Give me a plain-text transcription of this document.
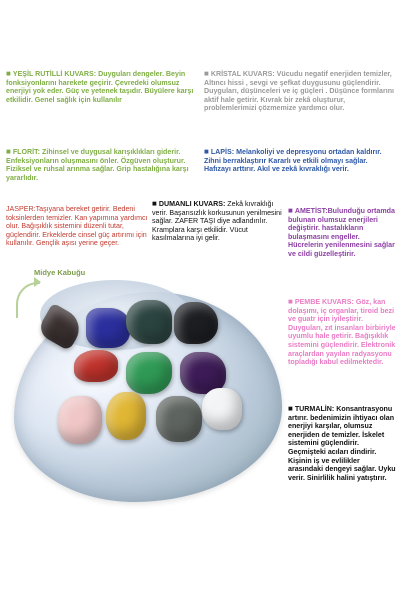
■ YEŞİL RUTİLLİ KUVARS: Duyguları dengeler. Beyin fonksiyonlarını harekete geçirir. Çevredeki olumsuz enerjiyi yok eder. Güç ve yetenek taşıdır. Büyülere karşı etkilidir. Genel sağlık için kullanılır
■ KRİSTAL KUVARS: Vücudu negatif enerjiden temizler, Altıncı hissi , sevgi ve şefkat duygusunu güçlendirir. Duyguları, düşünceleri ve iç güçleri . Düşünce formlarını aktif hale getirir. Kıvrak bir zekâ oluşturur, problemlerimizi çözmemize yardımcı olur.
■ FLORİT: Zihinsel ve duygusal karışıklıkları giderir. Enfeksiyonların oluşmasını önler. Özgüven oluşturur. Fiziksel ve ruhsal arınma sağlar. Grip hastalığına karşı yararlıdır.
■ LAPİS: Melankoliyi ve depresyonu ortadan kaldırır. Zihni berraklaştırır Kararlı ve etkili olmayı sağlar. Hafızayı arttırır. Akıl ve zekâ kıvraklığı verir.
JASPER:Taşıyana bereket getirir. Bedeni toksinlerden temizler. Kan yapımına yardımcı olur. Bağışıklık sistemini düzenli tutar, güçlendirir. Erkeklerde cinsel güç artırımı için kullanılır. Gençlik aşısı yerine geçer.
■ DUMANLI KUVARS: Zekâ kıvraklığı verir. Başarısızlık korkusunun yenilmesini sağlar. ZAFER TAŞI diye adlandırılır. Kramplara karşı etkilidir. Vücut kasılmalarına iyi gelir.
■ AMETİST:Bulunduğu ortamda bulunan olumsuz enerjileri değiştirir. hastalıkların bulaşmasını engeller. Hücrelerin yenilenmesini sağlar ve cildi güzelleştirir.
Midye Kabuğu
■ PEMBE KUVARS: Göz, kan dolaşımı, iç organlar, tiroid bezi ve guatr için iyileştirir. Duyguları, zıt insanları birbiriyle uyumlu hale getirir. Bağışıklık sistemini güçlendirir. Elektronik araçlardan yayılan radyasyonu topladığı kabul edilmektedir.
■ TURMALİN: Konsantrasyonu artırır. bedenimizin ihtiyacı olan enerjiyi karşılar, olumsuz enerjiden de temizler. İskelet sistemini güçlendirir. Geçmişteki acıları dindirir. Kişinin iş ve evlilikler arasındaki dengeyi sağlar. Uyku verir. Sinirlilik halini yatıştırır.
